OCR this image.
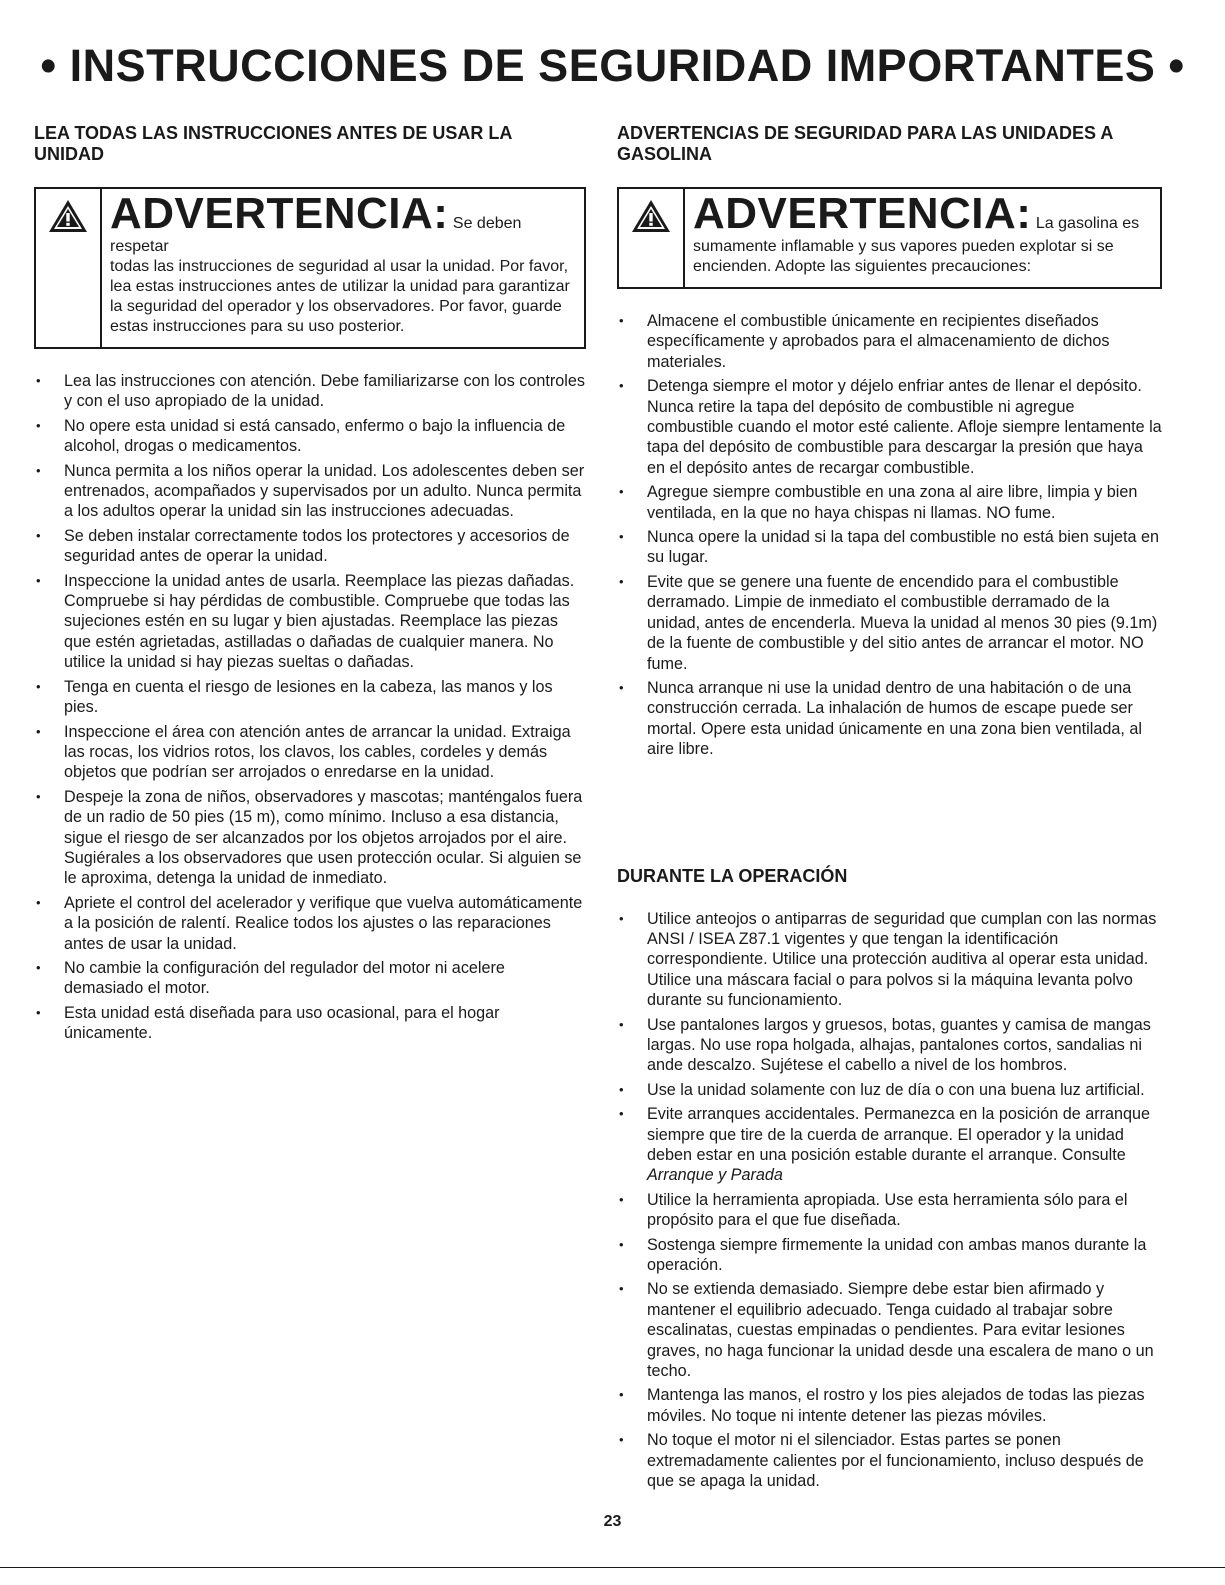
• INSTRUCCIONES DE SEGURIDAD IMPORTANTES •
LEA TODAS LAS INSTRUCCIONES ANTES DE USAR LA UNIDAD
ADVERTENCIA: Se deben respetar
todas las instrucciones de seguridad al usar la unidad. Por favor, lea estas instrucciones antes de utilizar la unidad para garantizar la seguridad del operador y los observadores. Por favor, guarde estas instrucciones para su uso posterior.
• Lea las instrucciones con atención. Debe familiarizarse con los controles y con el uso apropiado de la unidad.
• No opere esta unidad si está cansado, enfermo o bajo la influencia de alcohol, drogas o medicamentos.
• Nunca permita a los niños operar la unidad. Los adolescentes deben ser entrenados, acompañados y supervisados por un adulto. Nunca permita a los adultos operar la unidad sin las instrucciones adecuadas.
• Se deben instalar correctamente todos los protectores y accesorios de seguridad antes de operar la unidad.
• Inspeccione la unidad antes de usarla. Reemplace las piezas dañadas. Compruebe si hay pérdidas de combustible. Compruebe que todas las sujeciones estén en su lugar y bien ajustadas. Reemplace las piezas que estén agrietadas, astilladas o dañadas de cualquier manera. No utilice la unidad si hay piezas sueltas o dañadas.
• Tenga en cuenta el riesgo de lesiones en la cabeza, las manos y los pies.
• Inspeccione el área con atención antes de arrancar la unidad. Extraiga las rocas, los vidrios rotos, los clavos, los cables, cordeles y demás objetos que podrían ser arrojados o enredarse en la unidad.
• Despeje la zona de niños, observadores y mascotas; manténgalos fuera de un radio de 50 pies (15 m), como mínimo. Incluso a esa distancia, sigue el riesgo de ser alcanzados por los objetos arrojados por el aire. Sugiérales a los observadores que usen protección ocular. Si alguien se le aproxima, detenga la unidad de inmediato.
• Apriete el control del acelerador y verifique que vuelva automáticamente a la posición de ralentí. Realice todos los ajustes o las reparaciones antes de usar la unidad.
• No cambie la configuración del regulador del motor ni acelere demasiado el motor.
• Esta unidad está diseñada para uso ocasional, para el hogar únicamente.
ADVERTENCIAS DE SEGURIDAD PARA LAS UNIDADES A GASOLINA
ADVERTENCIA: La gasolina es
sumamente inflamable y sus vapores pueden explotar si se encienden. Adopte las siguientes precauciones:
• Almacene el combustible únicamente en recipientes diseñados específicamente y aprobados para el almacenamiento de dichos materiales.
• Detenga siempre el motor y déjelo enfriar antes de llenar el depósito. Nunca retire la tapa del depósito de combustible ni agregue combustible cuando el motor esté caliente. Afloje siempre lentamente la tapa del depósito de combustible para descargar la presión que haya en el depósito antes de recargar combustible.
• Agregue siempre combustible en una zona al aire libre, limpia y bien ventilada, en la que no haya chispas ni llamas. NO fume.
• Nunca opere la unidad si la tapa del combustible no está bien sujeta en su lugar.
• Evite que se genere una fuente de encendido para el combustible derramado. Limpie de inmediato el combustible derramado de la unidad, antes de encenderla. Mueva la unidad al menos 30 pies (9.1m) de la fuente de combustible y del sitio antes de arrancar el motor. NO fume.
• Nunca arranque ni use la unidad dentro de una habitación o de una construcción cerrada. La inhalación de humos de escape puede ser mortal. Opere esta unidad únicamente en una zona bien ventilada, al aire libre.
DURANTE LA OPERACIÓN
• Utilice anteojos o antiparras de seguridad que cumplan con las normas ANSI / ISEA Z87.1 vigentes y que tengan la identificación correspondiente. Utilice una protección auditiva al operar esta unidad. Utilice una máscara facial o para polvos si la máquina levanta polvo durante su funcionamiento.
• Use pantalones largos y gruesos, botas, guantes y camisa de mangas largas. No use ropa holgada, alhajas, pantalones cortos, sandalias ni ande descalzo. Sujétese el cabello a nivel de los hombros.
• Use la unidad solamente con luz de día o con una buena luz artificial.
• Evite arranques accidentales. Permanezca en la posición de arranque siempre que tire de la cuerda de arranque. El operador y la unidad deben estar en una posición estable durante el arranque. Consulte Arranque y Parada
• Utilice la herramienta apropiada. Use esta herramienta sólo para el propósito para el que fue diseñada.
• Sostenga siempre firmemente la unidad con ambas manos durante la operación.
• No se extienda demasiado. Siempre debe estar bien afirmado y mantener el equilibrio adecuado. Tenga cuidado al trabajar sobre escalinatas, cuestas empinadas o pendientes. Para evitar lesiones graves, no haga funcionar la unidad desde una escalera de mano o un techo.
• Mantenga las manos, el rostro y los pies alejados de todas las piezas móviles. No toque ni intente detener las piezas móviles.
• No toque el motor ni el silenciador. Estas partes se ponen extremadamente calientes por el funcionamiento, incluso después de que se apaga la unidad.
23
